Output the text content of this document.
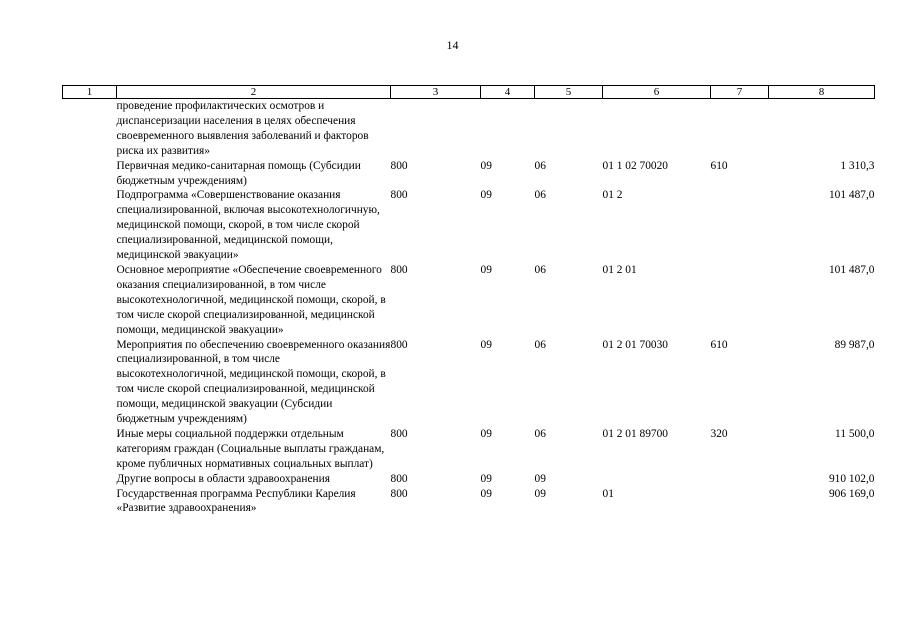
14
1	2	3	4	5	6	7	8
	проведение профилактических осмотров и диспансеризации населения в целях обеспечения своевременного выявления заболеваний и факторов риска их развития»						
	Первичная медико-санитарная помощь (Субсидии бюджетным учреждениям)	800	09	06	01 1 02 70020	610	1 310,3
	Подпрограмма «Совершенствование оказания специализированной, включая высокотехнологичную, медицинской помощи, скорой, в том числе скорой специализированной, медицинской помощи, медицинской эвакуации»	800	09	06	01 2		101 487,0
	Основное мероприятие «Обеспечение своевременного оказания специализированной, в том числе высокотехнологичной, медицинской помощи, скорой, в том числе скорой специализированной, медицинской помощи, медицинской эвакуации»	800	09	06	01 2 01		101 487,0
	Мероприятия по обеспечению своевременного оказания специализированной, в том числе высокотехнологичной, медицинской помощи, скорой, в том числе скорой специализированной, медицинской помощи, медицинской эвакуации (Субсидии бюджетным учреждениям)	800	09	06	01 2 01 70030	610	89 987,0
	Иные меры социальной поддержки отдельным категориям граждан (Социальные выплаты гражданам, кроме публичных нормативных социальных выплат)	800	09	06	01 2 01 89700	320	11 500,0
	Другие вопросы в области здравоохранения	800	09	09			910 102,0
	Государственная программа Республики Карелия «Развитие здравоохранения»	800	09	09	01		906 169,0
